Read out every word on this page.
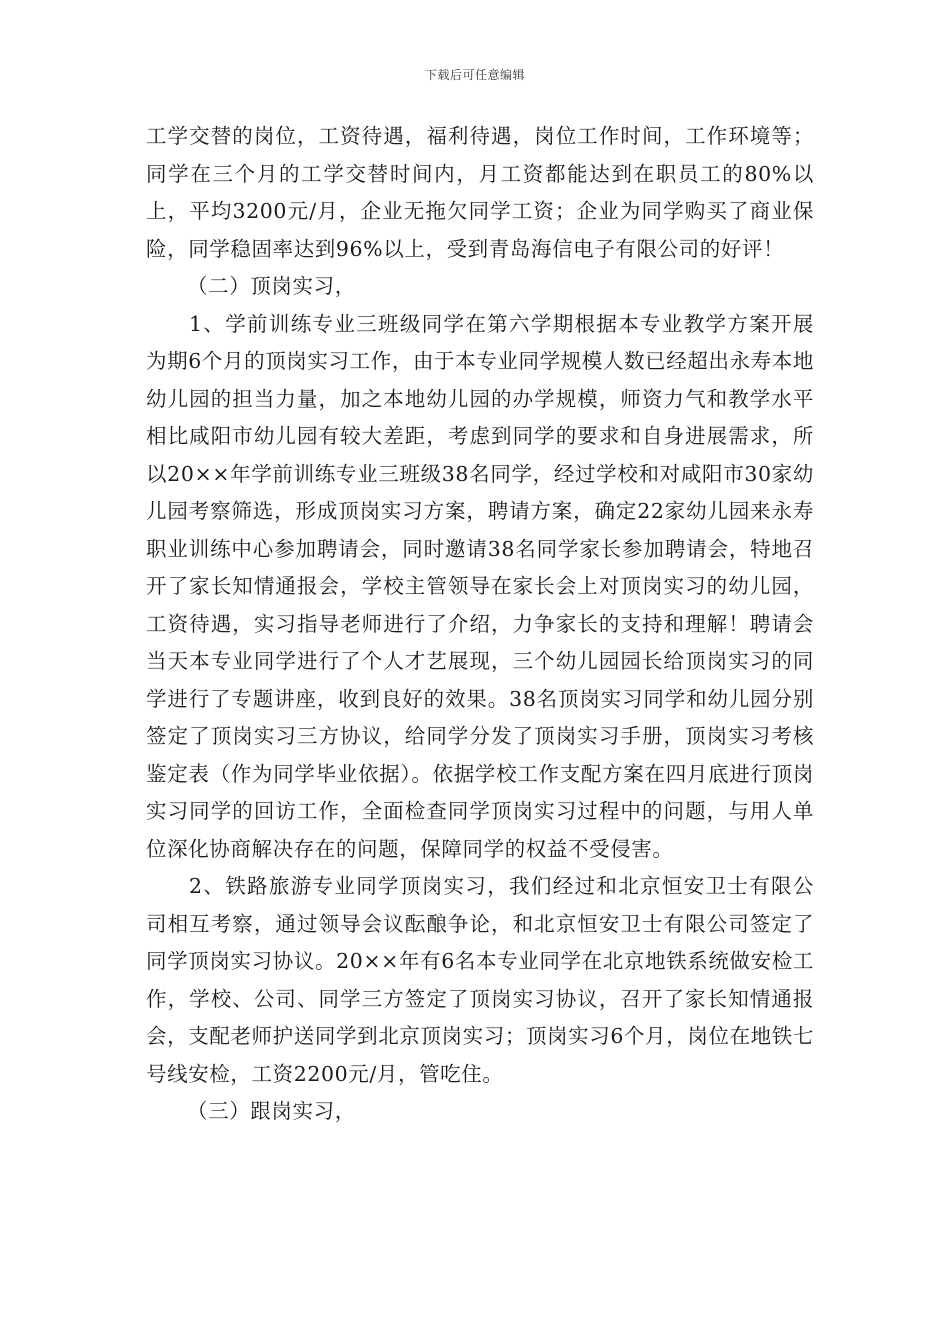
下载后可任意编辑

工学交替的岗位，工资待遇，福利待遇，岗位工作时间，工作环境等；同学在三个月的工学交替时间内，月工资都能达到在职员工的80%以上，平均3200元/月，企业无拖欠同学工资；企业为同学购买了商业保险，同学稳固率达到96%以上，受到青岛海信电子有限公司的好评！

（二）顶岗实习，

1、学前训练专业三班级同学在第六学期根据本专业教学方案开展为期6个月的顶岗实习工作，由于本专业同学规模人数已经超出永寿本地幼儿园的担当力量，加之本地幼儿园的办学规模，师资力气和教学水平相比咸阳市幼儿园有较大差距，考虑到同学的要求和自身进展需求，所以20××年学前训练专业三班级38名同学，经过学校和对咸阳市30家幼儿园考察筛选，形成顶岗实习方案，聘请方案，确定22家幼儿园来永寿职业训练中心参加聘请会，同时邀请38名同学家长参加聘请会，特地召开了家长知情通报会，学校主管领导在家长会上对顶岗实习的幼儿园，工资待遇，实习指导老师进行了介绍，力争家长的支持和理解！聘请会当天本专业同学进行了个人才艺展现，三个幼儿园园长给顶岗实习的同学进行了专题讲座，收到良好的效果。38名顶岗实习同学和幼儿园分别签定了顶岗实习三方协议，给同学分发了顶岗实习手册，顶岗实习考核鉴定表（作为同学毕业依据）。依据学校工作支配方案在四月底进行顶岗实习同学的回访工作，全面检查同学顶岗实习过程中的问题，与用人单位深化协商解决存在的问题，保障同学的权益不受侵害。

2、铁路旅游专业同学顶岗实习，我们经过和北京恒安卫士有限公司相互考察，通过领导会议酝酿争论，和北京恒安卫士有限公司签定了同学顶岗实习协议。20××年有6名本专业同学在北京地铁系统做安检工作，学校、公司、同学三方签定了顶岗实习协议，召开了家长知情通报会，支配老师护送同学到北京顶岗实习；顶岗实习6个月，岗位在地铁七号线安检，工资2200元/月，管吃住。

（三）跟岗实习，
